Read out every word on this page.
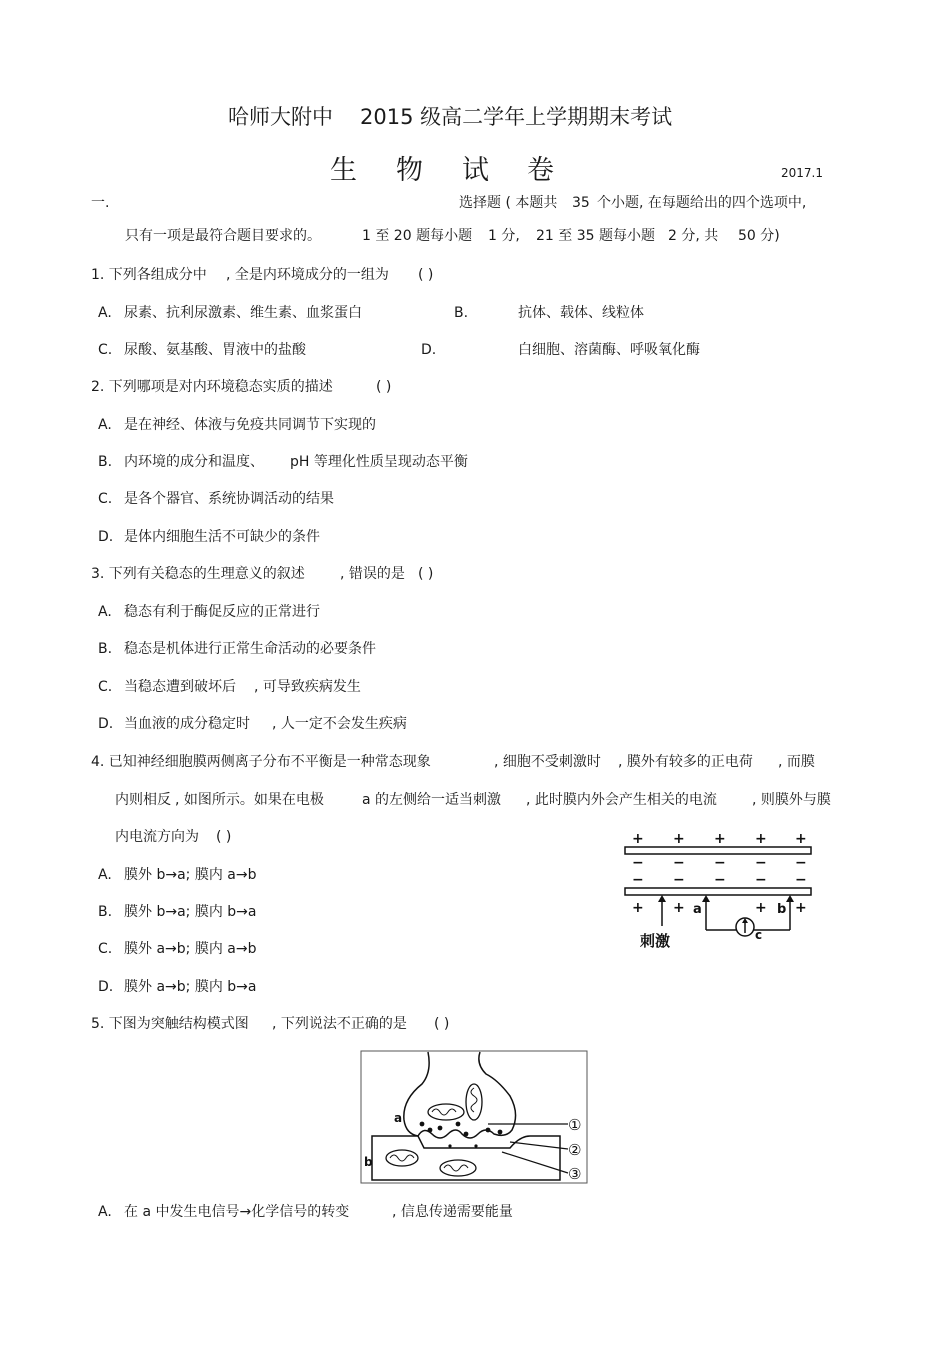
哈师大附中 2015 级高二学年上学期期末考试
生 物 试 卷	2017.1
一.	选择题 ( 本题共 35 个小题, 在每题给出的四个选项中,
只有一项是最符合题目要求的。	1 至 20 题每小题 1 分, 21 至 35 题每小题 2 分, 共 50 分)
1. 下列各组成分中 , 全是内环境成分的一组为 ( )
A. 尿素、抗利尿激素、维生素、血浆蛋白	B.	抗体、载体、线粒体
C. 尿酸、氨基酸、胃液中的盐酸	D.	白细胞、溶菌酶、呼吸氧化酶
2. 下列哪项是对内环境稳态实质的描述	( )
A. 是在神经、体液与免疫共同调节下实现的
B. 内环境的成分和温度、 pH 等理化性质呈现动态平衡
C. 是各个器官、系统协调活动的结果
D. 是体内细胞生活不可缺少的条件
3. 下列有关稳态的生理意义的叙述	, 错误的是 ( )
A. 稳态有利于酶促反应的正常进行
B. 稳态是机体进行正常生命活动的必要条件
C. 当稳态遭到破坏后 , 可导致疾病发生
D. 当血液的成分稳定时 , 人一定不会发生疾病
4. 已知神经细胞膜两侧离子分布不平衡是一种常态现象	, 细胞不受刺激时 , 膜外有较多的正电荷 , 而膜
内则相反 , 如图所示。如果在电极	a 的左侧给一适当刺激 , 此时膜内外会产生相关的电流	, 则膜外与膜
内电流方向为 ( )
A. 膜外 b→a; 膜内 a→b
B. 膜外 b→a; 膜内 b→a
C. 膜外 a→b; 膜内 a→b
D. 膜外 a→b; 膜内 b→a
+ + + + +
− − − − −
− − − − −
+ +	+ +
刺激
a	b
c
5. 下图为突触结构模式图 , 下列说法不正确的是 ( )
a
b
①
②
③
A. 在 a 中发生电信号→化学信号的转变	, 信息传递需要能量
